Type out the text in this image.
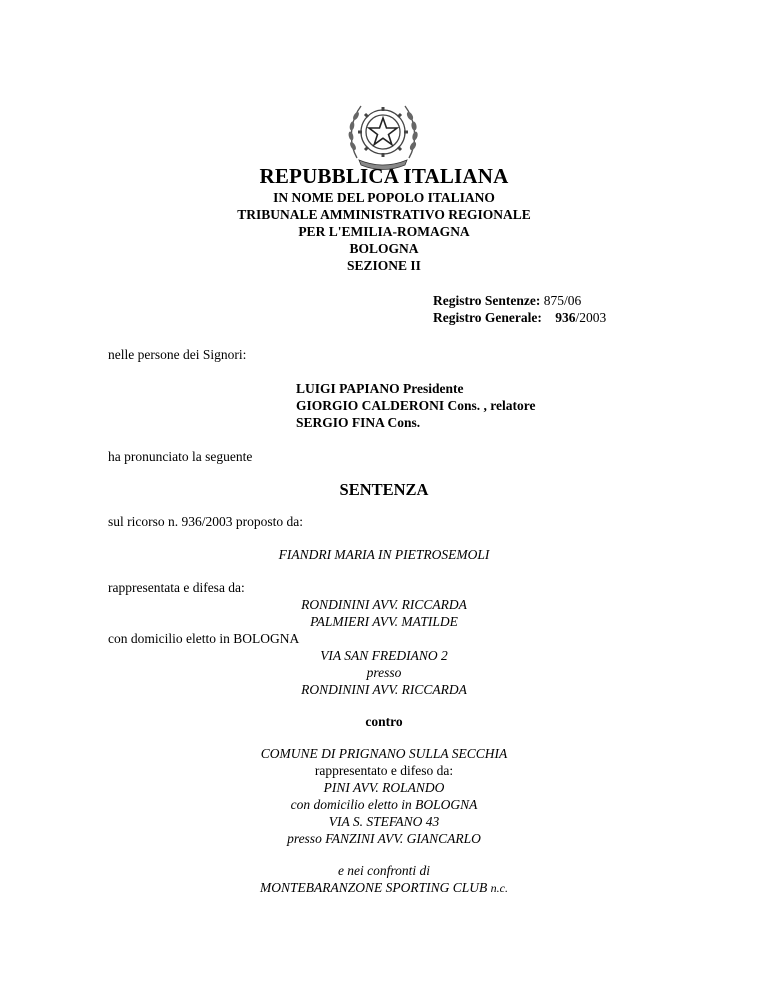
REPUBBLICA ITALIANA
IN NOME DEL POPOLO ITALIANO
TRIBUNALE AMMINISTRATIVO REGIONALE
PER L'EMILIA-ROMAGNA
BOLOGNA
SEZIONE II
Registro Sentenze: 875/06
Registro Generale: 936/2003
nelle persone dei Signori:
LUIGI PAPIANO Presidente
GIORGIO CALDERONI Cons. , relatore
SERGIO FINA Cons.
ha pronunciato la seguente
SENTENZA
sul ricorso n. 936/2003 proposto da:
FIANDRI MARIA IN PIETROSEMOLI
rappresentata e difesa da:
RONDININI AVV. RICCARDA
PALMIERI AVV. MATILDE
con domicilio eletto in BOLOGNA
VIA SAN FREDIANO 2
presso
RONDININI AVV. RICCARDA
contro
COMUNE DI PRIGNANO SULLA SECCHIA
rappresentato e difeso da:
PINI AVV. ROLANDO
con domicilio eletto in BOLOGNA
VIA S. STEFANO 43
presso FANZINI AVV. GIANCARLO
e nei confronti di
MONTEBARANZONE SPORTING CLUB n.c.
